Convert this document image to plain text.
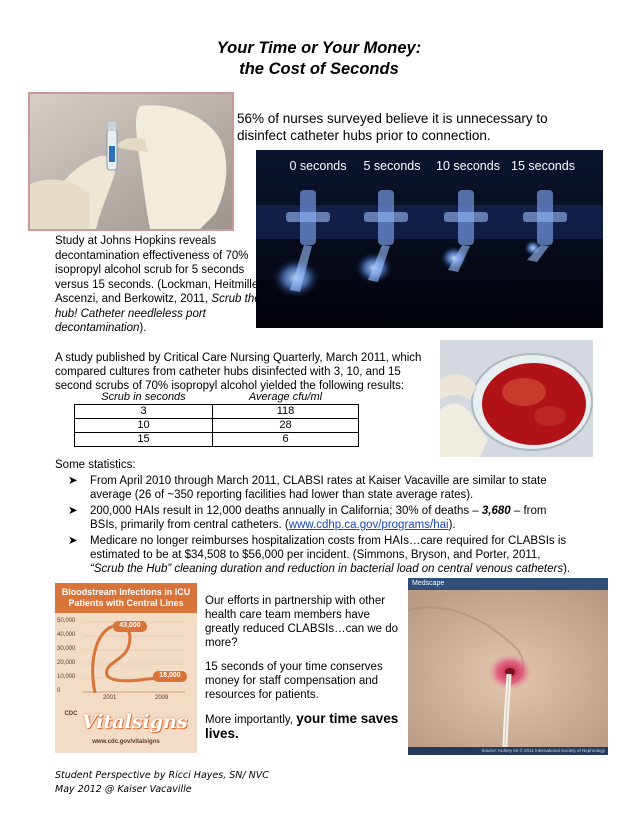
Your Time or Your Money:
the Cost of Seconds
56% of nurses surveyed believe it is unnecessary to disinfect catheter hubs prior to connection.
0 seconds 5 seconds 10 seconds 15 seconds
Study at Johns Hopkins reveals decontamination effectiveness of 70% isopropyl alcohol scrub for 5 seconds versus 15 seconds. (Lockman, Heitmiller, Ascenzi, and Berkowitz, 2011, Scrub the hub! Catheter needleless port decontamination).
A study published by Critical Care Nursing Quarterly, March 2011, which compared cultures from catheter hubs disinfected with 3, 10, and 15 second scrubs of 70% isopropyl alcohol yielded the following results:
Scrub in seconds	Average cfu/ml
3	118
10	28
15	6
Some statistics:
➤ From April 2010 through March 2011, CLABSI rates at Kaiser Vacaville are similar to state average (26 of ~350 reporting facilities had lower than state average rates).
➤ 200,000 HAIs result in 12,000 deaths annually in California; 30% of deaths – 3,680 – from BSIs, primarily from central catheters. (www.cdhp.ca.gov/programs/hai).
➤ Medicare no longer reimburses hospitalization costs from HAIs…care required for CLABSIs is estimated to be at $34,508 to $56,000 per incident. (Simmons, Bryson, and Porter, 2011, “Scrub the Hub” cleaning duration and reduction in bacterial load on central venous catheters).
Bloodstream Infections in ICU Patients with Central Lines
50,000
40,000
30,000
20,000
10,000
0
43,000
18,000
2001	2009
$^{CDC}$ Vitalsigns
www.cdc.gov/vitalsigns

Our efforts in partnership with other health care team members have greatly reduced CLABSIs…can we do more?

15 seconds of your time conserves money for staff compensation and resources for patients.

More importantly, your time saves lives.

Medscape
Source: Kidney Int © 2011 International Society of Nephrology
Student Perspective by Ricci Hayes, SN/ NVC
May 2012 @ Kaiser Vacaville
